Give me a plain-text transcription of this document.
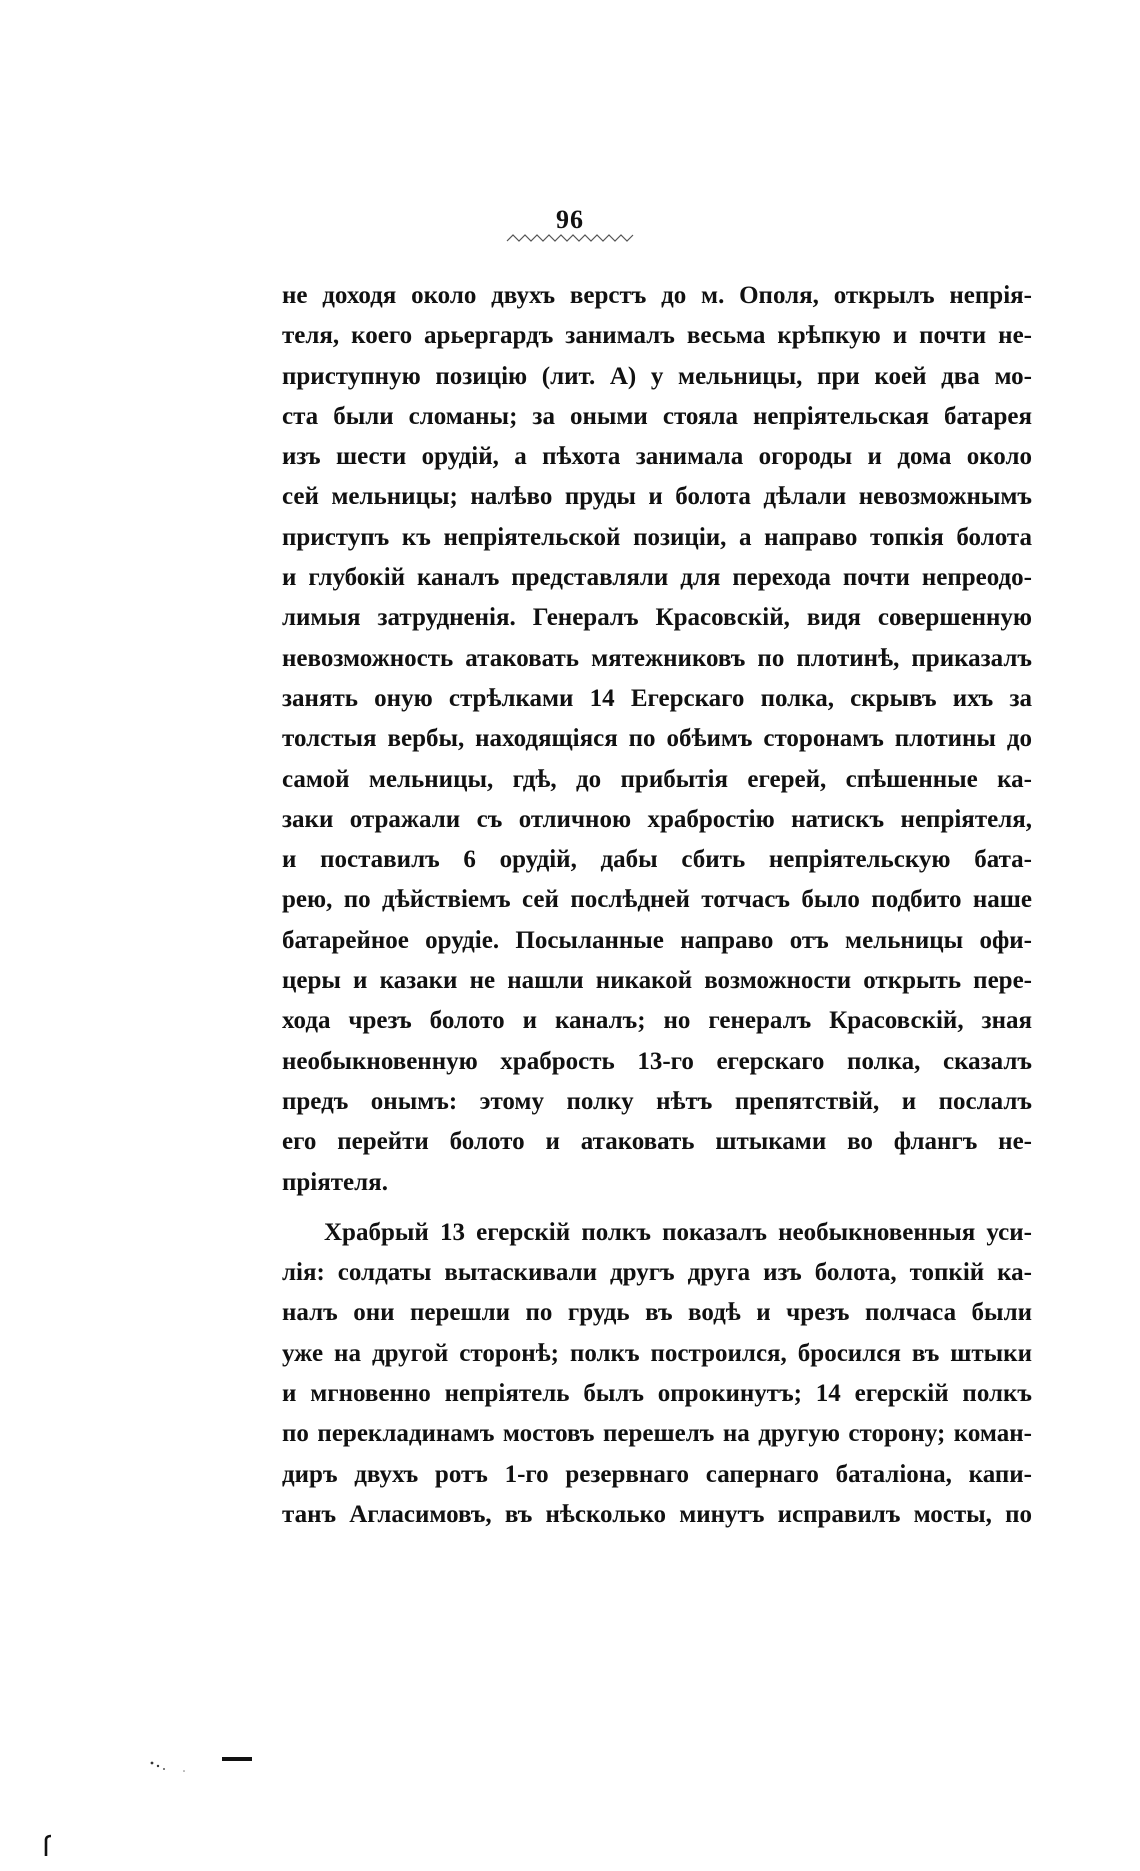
96
не доходя около двухъ верстъ до м. Ополя, открылъ непрія-
теля, коего арьергардъ занималъ весьма крѣпкую и почти не-
приступную позицію (лит. А) у мельницы, при коей два мо-
ста были сломаны; за оными стояла непріятельская батарея
изъ шести орудій, а пѣхота занимала огороды и дома около
сей мельницы; налѣво пруды и болота дѣлали невозможнымъ
приступъ къ непріятельской позиціи, а направо топкія болота
и глубокій каналъ представляли для перехода почти непреодо-
лимыя затрудненія. Генералъ Красовскій, видя совершенную
невозможность атаковать мятежниковъ по плотинѣ, приказалъ
занять оную стрѣлками 14 Егерскаго полка, скрывъ ихъ за
толстыя вербы, находящіяся по обѣимъ сторонамъ плотины до
самой мельницы, гдѣ, до прибытія егерей, спѣшенные ка-
заки отражали съ отличною храбростію натискъ непріятеля,
и поставилъ 6 орудій, дабы сбить непріятельскую бата-
рею, по дѣйствіемъ сей послѣдней тотчасъ было подбито наше
батарейное орудіе. Посыланные направо отъ мельницы офи-
церы и казаки не нашли никакой возможности открыть пере-
хода чрезъ болото и каналъ; но генералъ Красовскій, зная
необыкновенную храбрость 13-го егерскаго полка, сказалъ
предъ онымъ: этому полку нѣтъ препятствій, и послалъ
его перейти болото и атаковать штыками во флангъ не-
пріятеля.
Храбрый 13 егерскій полкъ показалъ необыкновенныя уси-
лія: солдаты вытаскивали другъ друга изъ болота, топкій ка-
налъ они перешли по грудь въ водѣ и чрезъ полчаса были
уже на другой сторонѣ; полкъ построился, бросился въ штыки
и мгновенно непріятель былъ опрокинутъ; 14 егерскій полкъ
по перекладинамъ мостовъ перешелъ на другую сторону; коман-
диръ двухъ ротъ 1-го резервнаго сапернаго баталіона, капи-
танъ Агласимовъ, въ нѣсколько минутъ исправилъ мосты, по
